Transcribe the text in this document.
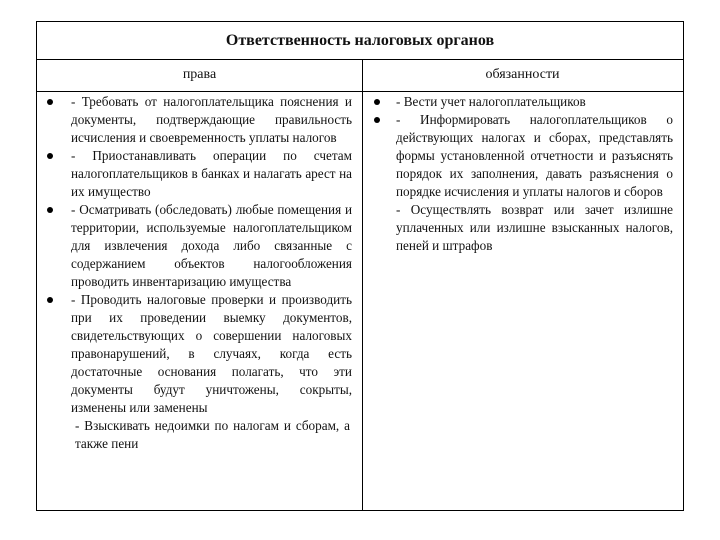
Ответственность налоговых органов
права	обязанности
- Требовать от налогоплательщика пояснения и документы, подтверждающие правильность исчисления и своевременность уплаты налогов
- Приостанавливать операции по счетам налогоплательщиков в банках и налагать арест на их имущество
- Осматривать (обследовать) любые помещения и территории, используемые налогоплательщиком для извлечения дохода либо связанные с содержанием объектов налогообложения проводить инвентаризацию имущества
- Проводить налоговые проверки и производить при их проведении выемку документов, свидетельствующих о совершении налоговых правонарушений, в случаях, когда есть достаточные основания полагать, что эти документы будут уничтожены, сокрыты, изменены или заменены
- Взыскивать недоимки по налогам и сборам, а также пени
- Вести учет налогоплательщиков
- Информировать налогоплательщиков о действующих налогах и сборах, представлять формы установленной отчетности и разъяснять порядок их заполнения, давать разъяснения о порядке исчисления и уплаты налогов и сборов
- Осуществлять возврат или зачет излишне уплаченных или излишне взысканных налогов, пеней и штрафов
